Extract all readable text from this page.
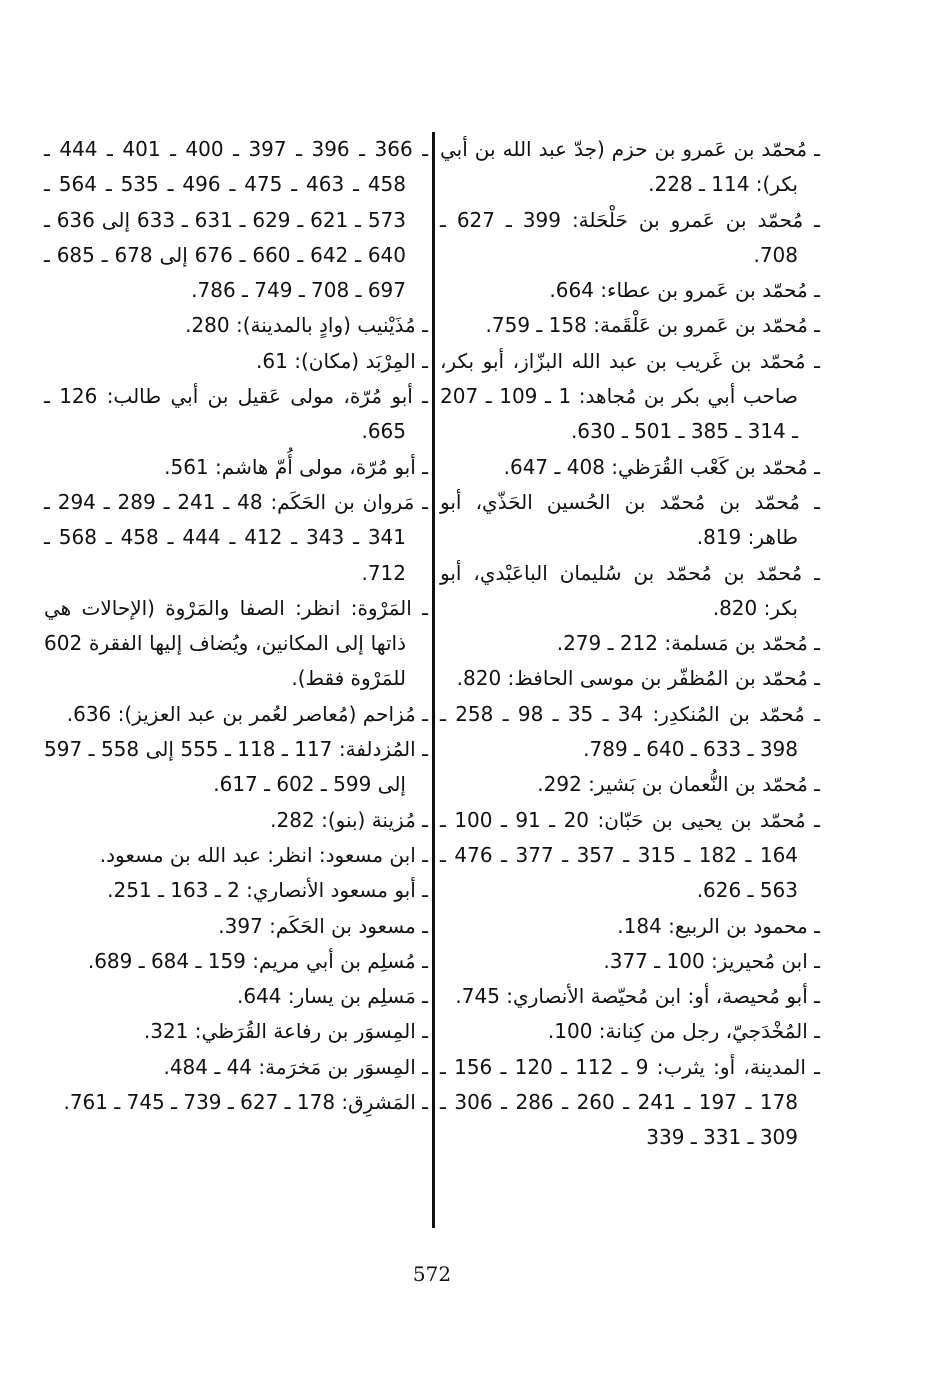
ـ مُحمّد بن عَمرو بن حزم (جدّ عبد الله بن أبي بكر): 114 ـ 228.

ـ مُحمّد بن عَمرو بن حَلْحَلة: 399 ـ 627 ـ 708.

ـ مُحمّد بن عَمرو بن عطاء: 664.

ـ مُحمّد بن عَمرو بن عَلْقَمة: 158 ـ 759.

ـ مُحمّد بن غَريب بن عبد الله البزّاز، أبو بكر، صاحب أبي بكر بن مُجاهد: 1 ـ 109 ـ 207 ـ 314 ـ 385 ـ 501 ـ 630.

ـ مُحمّد بن كَعْب القُرَظي: 408 ـ 647.

ـ مُحمّد بن مُحمّد بن الحُسين الحَذّي، أبو طاهر: 819.

ـ مُحمّد بن مُحمّد بن سُليمان الباعَبْدي، أبو بكر: 820.

ـ مُحمّد بن مَسلمة: 212 ـ 279.

ـ مُحمّد بن المُظفّر بن موسى الحافظ: 820.

ـ مُحمّد بن المُنكدِر: 34 ـ 35 ـ 98 ـ 258 ـ 398 ـ 633 ـ 640 ـ 789.

ـ مُحمّد بن النُّعمان بن بَشير: 292.

ـ مُحمّد بن يحيى بن حَبّان: 20 ـ 91 ـ 100 ـ 164 ـ 182 ـ 315 ـ 357 ـ 377 ـ 476 ـ 563 ـ 626.

ـ محمود بن الربيع: 184.

ـ ابن مُحيريز: 100 ـ 377.

ـ أبو مُحيصة، أو: ابن مُحيّصة الأنصاري: 745.

ـ المُخْدَجيّ، رجل من كِنانة: 100.

ـ المدينة، أو: يثرب: 9 ـ 112 ـ 120 ـ 156 ـ 178 ـ 197 ـ 241 ـ 260 ـ 286 ـ 306 ـ 309 ـ 331 ـ 339

ـ 366 ـ 396 ـ 397 ـ 400 ـ 401 ـ 444 ـ 458 ـ 463 ـ 475 ـ 496 ـ 535 ـ 564 ـ 573 ـ 621 ـ 629 ـ 631 ـ 633 إلى 636 ـ 640 ـ 642 ـ 660 ـ 676 إلى 678 ـ 685 ـ 697 ـ 708 ـ 749 ـ 786.

ـ مُذَيْنيب (وادٍ بالمدينة): 280.

ـ المِرْبَد (مكان): 61.

ـ أبو مُرّة، مولى عَقيل بن أبي طالب: 126 ـ 665.

ـ أبو مُرّة، مولى أُمّ هاشم: 561.

ـ مَروان بن الحَكَم: 48 ـ 241 ـ 289 ـ 294 ـ 341 ـ 343 ـ 412 ـ 444 ـ 458 ـ 568 ـ 712.

ـ المَرْوة: انظر: الصفا والمَرْوة (الإحالات هي ذاتها إلى المكانين، ويُضاف إليها الفقرة 602 للمَرْوة فقط).

ـ مُزاحم (مُعاصر لعُمر بن عبد العزيز): 636.

ـ المُزدلفة: 117 ـ 118 ـ 555 إلى 558 ـ 597 إلى 599 ـ 602 ـ 617.

ـ مُزينة (بنو): 282.

ـ ابن مسعود: انظر: عبد الله بن مسعود.

ـ أبو مسعود الأنصاري: 2 ـ 163 ـ 251.

ـ مسعود بن الحَكَم: 397.

ـ مُسلِم بن أبي مريم: 159 ـ 684 ـ 689.

ـ مَسلِم بن يسار: 644.

ـ المِسوَر بن رفاعة القُرَظي: 321.

ـ المِسوَر بن مَخرَمة: 44 ـ 484.

ـ المَشرِق: 178 ـ 627 ـ 739 ـ 745 ـ 761.

572
